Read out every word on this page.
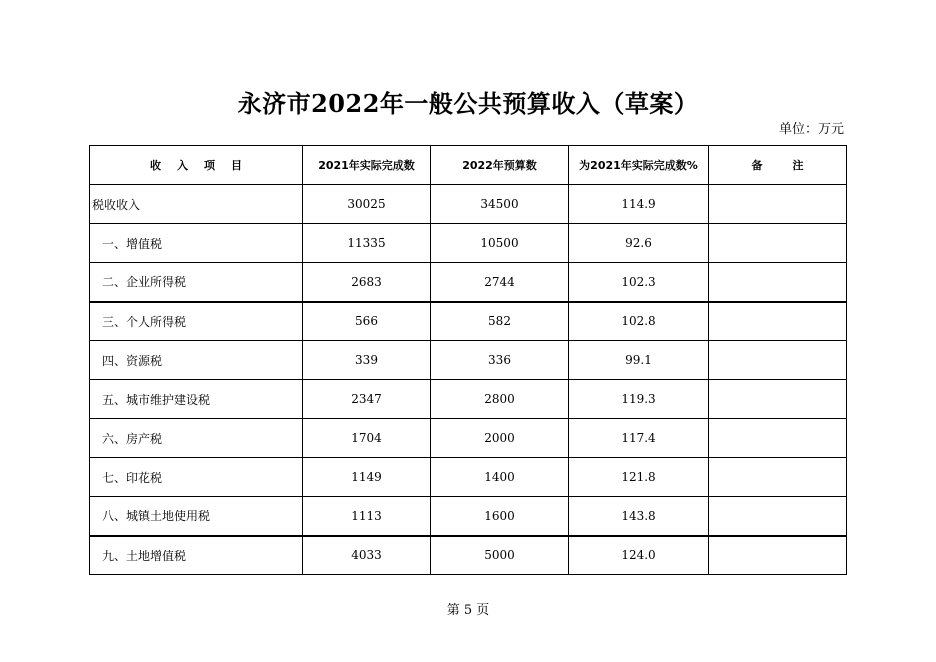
永济市2022年一般公共预算收入（草案）
单位：万元
收入项目	2021年实际完成数	2022年预算数	为2021年实际完成数%	备注
税收收入	30025	34500	114.9	
一、增值税	11335	10500	92.6	
二、企业所得税	2683	2744	102.3	
三、个人所得税	566	582	102.8	
四、资源税	339	336	99.1	
五、城市维护建设税	2347	2800	119.3	
六、房产税	1704	2000	117.4	
七、印花税	1149	1400	121.8	
八、城镇土地使用税	1113	1600	143.8	
九、土地增值税	4033	5000	124.0	
第 5 页
